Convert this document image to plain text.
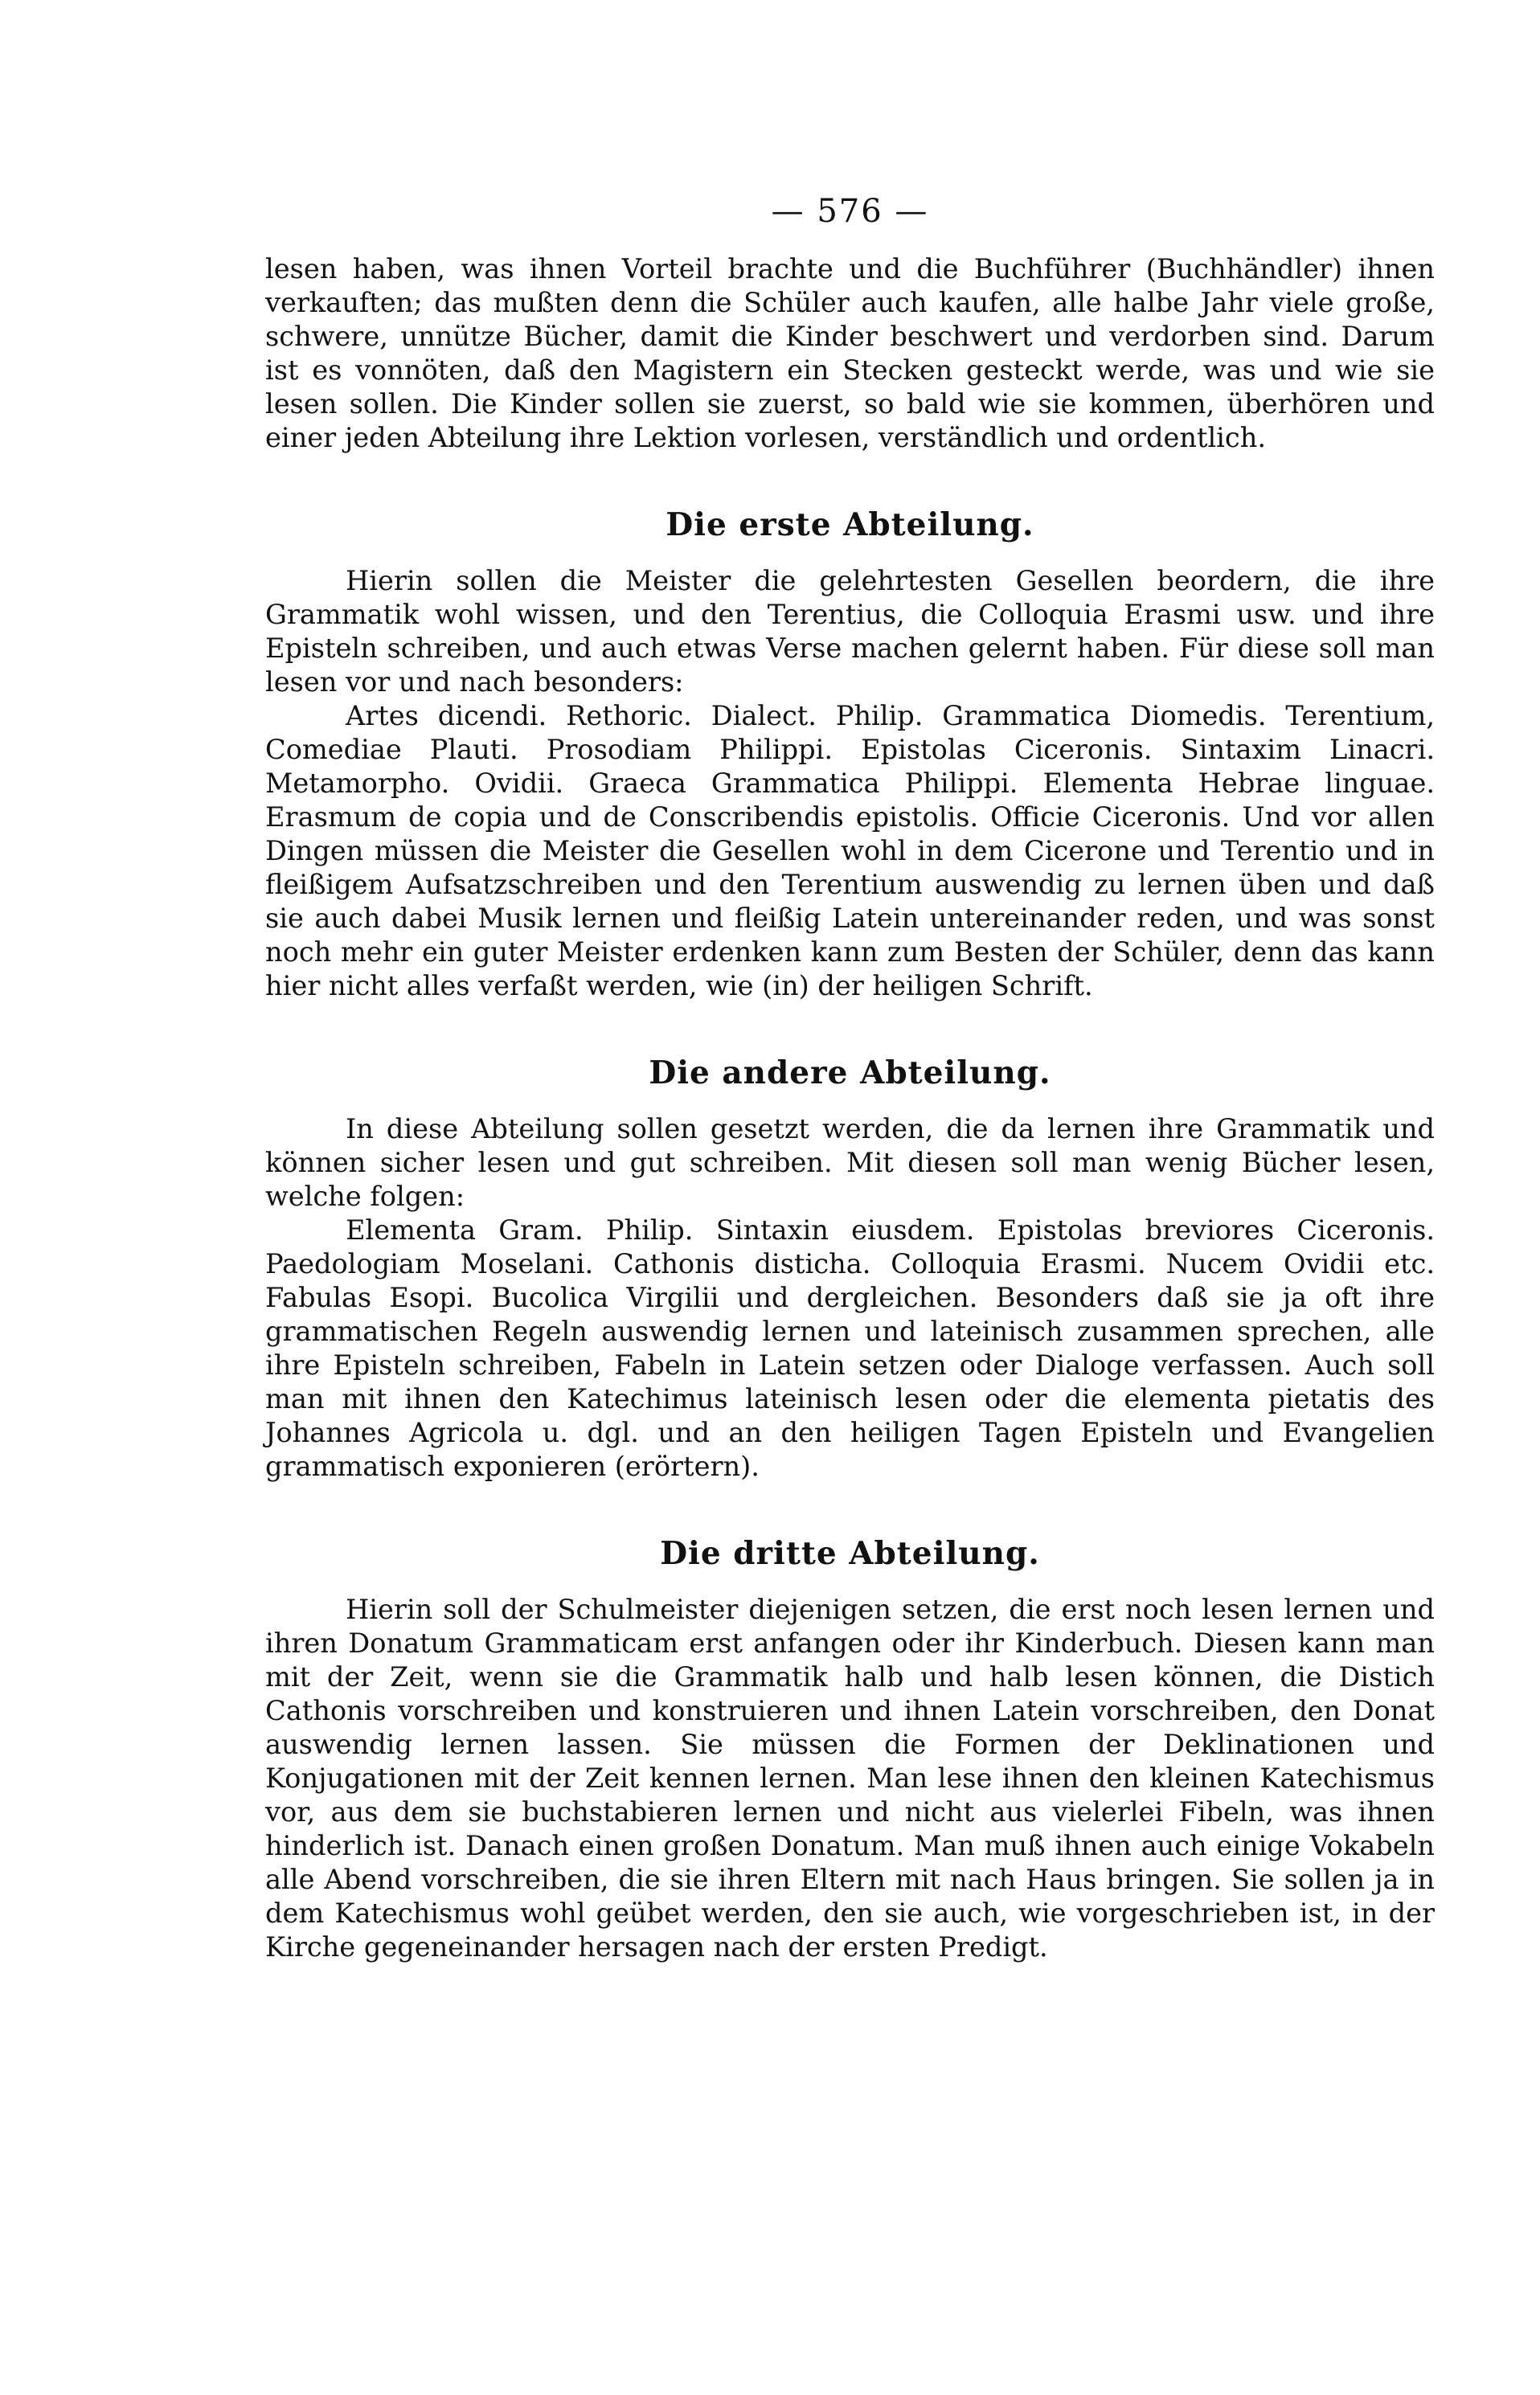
— 576 —

lesen haben, was ihnen Vorteil brachte und die Buchführer (Buchhändler) ihnen verkauften; das mußten denn die Schüler auch kaufen, alle halbe Jahr viele große, schwere, unnütze Bücher, damit die Kinder beschwert und verdorben sind. Darum ist es vonnöten, daß den Magistern ein Stecken gesteckt werde, was und wie sie lesen sollen. Die Kinder sollen sie zuerst, so bald wie sie kommen, überhören und einer jeden Abteilung ihre Lektion vorlesen, verständlich und ordentlich.

Die erste Abteilung.

Hierin sollen die Meister die gelehrtesten Gesellen beordern, die ihre Grammatik wohl wissen, und den Terentius, die Colloquia Erasmi usw. und ihre Episteln schreiben, und auch etwas Verse machen gelernt haben. Für diese soll man lesen vor und nach besonders:

Artes dicendi. Rethoric. Dialect. Philip. Grammatica Diomedis. Terentium, Comediae Plauti. Prosodiam Philippi. Epistolas Ciceronis. Sintaxim Linacri. Metamorpho. Ovidii. Graeca Grammatica Philippi. Elementa Hebrae linguae. Erasmum de copia und de Conscribendis epistolis. Officie Ciceronis. Und vor allen Dingen müssen die Meister die Gesellen wohl in dem Cicerone und Terentio und in fleißigem Aufsatzschreiben und den Terentium auswendig zu lernen üben und daß sie auch dabei Musik lernen und fleißig Latein untereinander reden, und was sonst noch mehr ein guter Meister erdenken kann zum Besten der Schüler, denn das kann hier nicht alles verfaßt werden, wie (in) der heiligen Schrift.

Die andere Abteilung.

In diese Abteilung sollen gesetzt werden, die da lernen ihre Grammatik und können sicher lesen und gut schreiben. Mit diesen soll man wenig Bücher lesen, welche folgen:

Elementa Gram. Philip. Sintaxin eiusdem. Epistolas breviores Ciceronis. Paedologiam Moselani. Cathonis disticha. Colloquia Erasmi. Nucem Ovidii etc. Fabulas Esopi. Bucolica Virgilii und dergleichen. Besonders daß sie ja oft ihre grammatischen Regeln auswendig lernen und lateinisch zusammen sprechen, alle ihre Episteln schreiben, Fabeln in Latein setzen oder Dialoge verfassen. Auch soll man mit ihnen den Katechimus lateinisch lesen oder die elementa pietatis des Johannes Agricola u. dgl. und an den heiligen Tagen Episteln und Evangelien grammatisch exponieren (erörtern).

Die dritte Abteilung.

Hierin soll der Schulmeister diejenigen setzen, die erst noch lesen lernen und ihren Donatum Grammaticam erst anfangen oder ihr Kinderbuch. Diesen kann man mit der Zeit, wenn sie die Grammatik halb und halb lesen können, die Distich Cathonis vorschreiben und konstruieren und ihnen Latein vorschreiben, den Donat auswendig lernen lassen. Sie müssen die Formen der Deklinationen und Konjugationen mit der Zeit kennen lernen. Man lese ihnen den kleinen Katechismus vor, aus dem sie buchstabieren lernen und nicht aus vielerlei Fibeln, was ihnen hinderlich ist. Danach einen großen Donatum. Man muß ihnen auch einige Vokabeln alle Abend vorschreiben, die sie ihren Eltern mit nach Haus bringen. Sie sollen ja in dem Katechismus wohl geübet werden, den sie auch, wie vorgeschrieben ist, in der Kirche gegeneinander hersagen nach der ersten Predigt.
